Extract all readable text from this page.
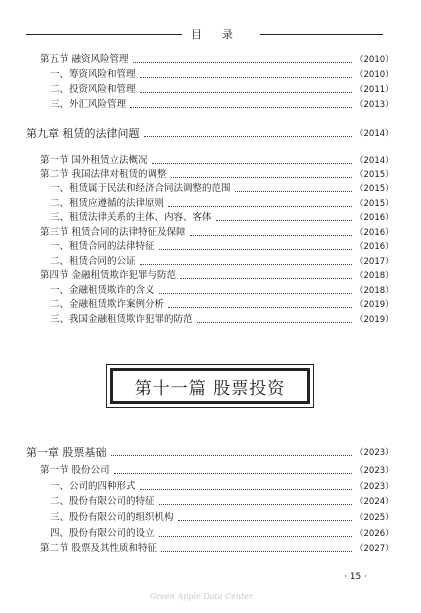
目录
第五节 融资风险管理	（2010）
一、筹资风险和管理	（2010）
二、投资风险和管理	（2011）
三、外汇风险管理	（2013）
第九章 租赁的法律问题	（2014）
第一节 国外租赁立法概况	（2014）
第二节 我国法律对租赁的调整	（2015）
一、租赁属于民法和经济合同法调整的范围	（2015）
二、租赁应遵循的法律原则	（2015）
三、租赁法律关系的主体、内容、客体	（2016）
第三节 租赁合同的法律特征及保障	（2016）
一、租赁合同的法律特征	（2016）
二、租赁合同的公证	（2017）
第四节 金融租赁欺诈犯罪与防范	（2018）
一、金融租赁欺诈的含义	（2018）
二、金融租赁欺诈案例分析	（2019）
三、我国金融租赁欺诈犯罪的防范	（2019）
第一章 股票基础	（2023）
第一节 股份公司	（2023）
一、公司的四种形式	（2023）
二、股份有限公司的特征	（2024）
三、股份有限公司的组织机构	（2025）
四、股份有限公司的设立	（2026）
第二节 股票及其性质和特征	（2027）
第十一篇 股票投资
· 15 ·
Green Apple Data Center
